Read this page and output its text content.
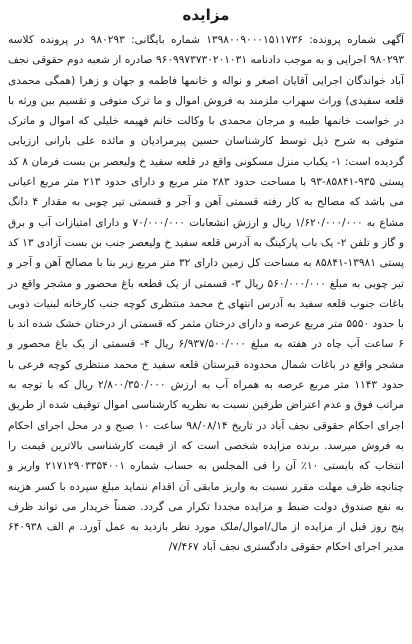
مزایده

آگهی شماره پرونده: ۱۳۹۸۰۰۹۰۰۰۱۵۱۱۷۳۶ شماره بایگانی: ۹۸۰۲۹۳ در پرونده کلاسه ۹۸۰۲۹۳ اجرایی و به موجب دادنامه ۹۶۰۹۹۷۳۷۳۰۲۰۱۰۳۱ صادره از شعبه دوم حقوقی نجف آباد خواندگان اجرایی آقایان اصغر و نواله و خانمها فاطمه و جهان و زهرا (همگی محمدی قلعه سفیدی) وراث سهراب ملزمند به فروش اموال و ما ترک متوفی و تقسیم بین ورثه با در خواست خانمها طیبه و مرجان محمدی با وکالت خانم فهیمه خلیلی که اموال و ماترک متوفی به شرح ذیل توسط کارشناسان حسین پیرمرادیان و مائده علی بارانی ارزیابی گردیده است: ۱- یکباب منزل مسکونی واقع در قلعه سفید خ ولیعصر بن بست فرمان ۸ کد پستی ۹۳۵-۸۵۸۴۱-۹۳ با مساحت حدود ۲۸۳ متر مربع و دارای حدود ۲۱۳ متر مربع اعیانی می باشد که مصالح به کار رفته قسمتی آهن و آجر و قسمتی تیر چوبی به مقدار ۴ دانگ مشاع به ۱/۶۲۰/۰۰۰/۰۰۰ ریال و ارزش انشعابات ۷۰/۰۰۰/۰۰۰ و دارای امتیازات آب و برق و گاز و تلفن ۲- یک باب پارکینگ به آدرس قلعه سفید خ ولیعصر جنب بن بست آزادی ۱۳ کد پستی ۱۳۹۸۱-۸۵۸۴۱ به مساحت کل زمین دارای ۳۲ متر مربع زیر بنا با مصالح آهن و آجر و تیر چوبی به مبلغ ۵۶۰/۰۰۰/۰۰۰ ریال ۳- قسمتی از یک قطعه باغ محصور و مشجر واقع در باغات جنوب قلعه سفید به آدرس انتهای خ محمد منتظری کوچه جنب کارخانه لبنیات ذوبی با حدود ۵۵۵۰ متر مربع عرصه و دارای درختان مثمر که قسمتی از درختان خشک شده اند با ۶ ساعت آب چاه در هفته به مبلغ ۶/۹۳۷/۵۰۰/۰۰۰ ریال ۴- قسمتی از یک باغ محصور و مشجر واقع در باغات شمال محدوده قبرستان قلعه سفید خ محمد منتظری کوچه فرعی با حدود ۱۱۴۳ متر مربع عرصه به همراه آب به ارزش ۲/۸۰۰/۳۵۰/۰۰۰ ریال که با توجه به مراتب فوق و عدم اعتراض طرفین نسبت به نظریه کارشناسی اموال توقیف شده از طریق اجرای احکام حقوقی نجف آباد در تاریخ ۹۸/۰۸/۱۴ ساعت ۱۰ صبح و در محل اجرای احکام به فروش میرسد. برنده مزایده شخصی است که از قیمت کارشناسی بالاترین قیمت را انتخاب که بایستی ۱۰٪ آن را فی المجلس به حساب شماره ۲۱۷۱۲۹۰۳۳۵۴۰۰۱ واریز و چنانچه ظرف مهلت مقرر نسبت به واریز مابقی آن اقدام ننماید مبلغ سپرده با کسر هزینه به نفع صندوق دولت ضبط و مزایده مجددا تکرار می گردد. ضمناً خریدار می تواند ظرف پنج روز قبل از مزایده از مال/اموال/ملک مورد نظر بازدید به عمل آورد. م الف ۶۴۰۹۳۸ مدیر اجرای احکام حقوقی دادگستری نجف آباد ۷/۴۶۷/
